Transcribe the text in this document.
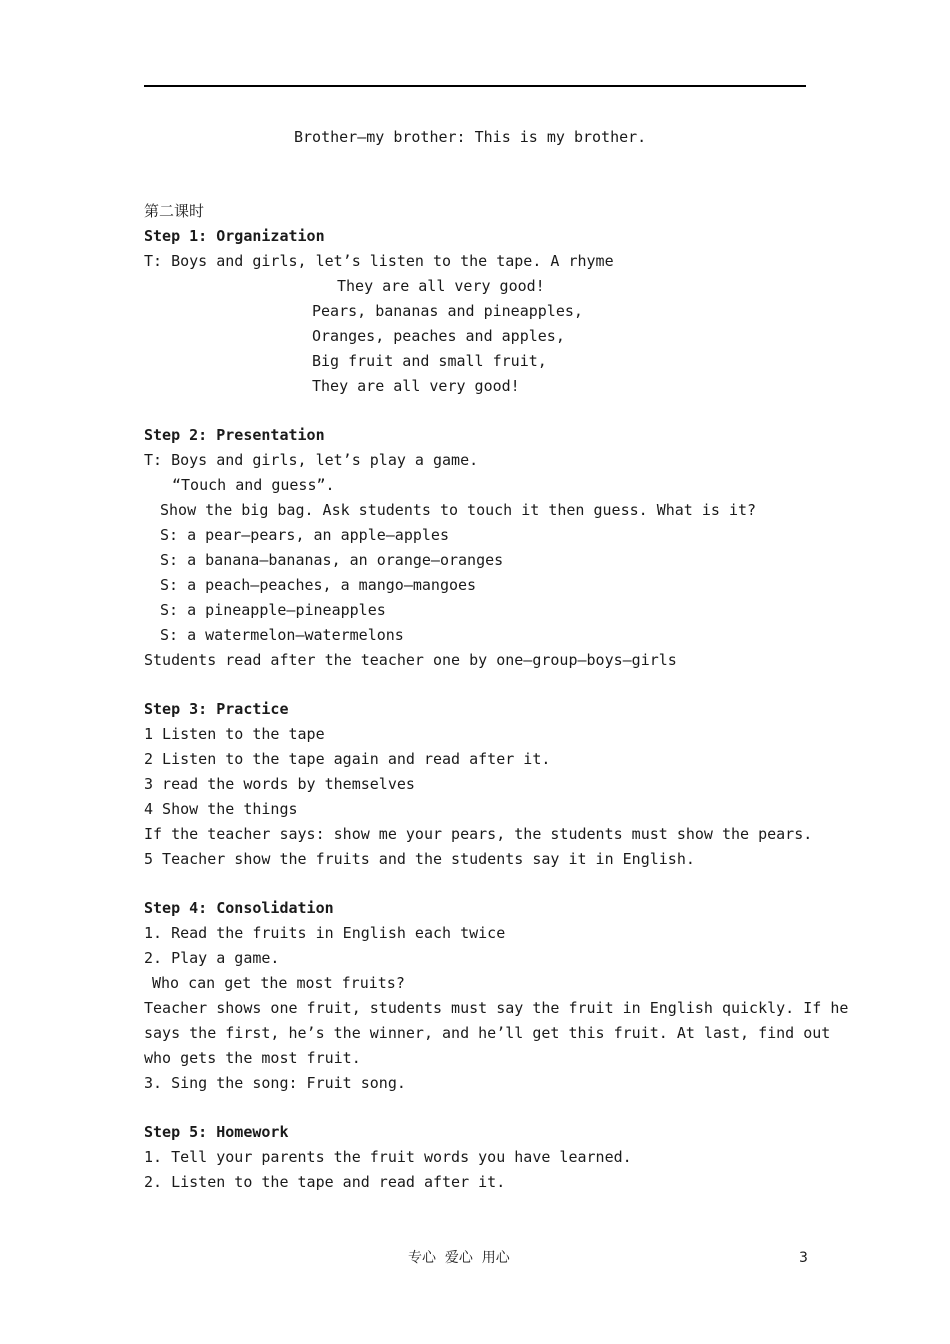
Brother—my brother: This is my brother.
第二课时
Step 1: Organization
T: Boys and girls, let’s listen to the tape. A rhyme
They are all very good!
Pears, bananas and pineapples,
Oranges, peaches and apples,
Big fruit and small fruit,
They are all very good!
Step 2: Presentation
T: Boys and girls, let’s play a game.
“Touch and guess”.
Show the big bag. Ask students to touch it then guess. What is it?
S: a pear—pears, an apple—apples
S: a banana—bananas, an orange—oranges
S: a peach—peaches, a mango—mangoes
S: a pineapple—pineapples
S: a watermelon—watermelons
Students read after the teacher one by one—group—boys—girls
Step 3: Practice
1 Listen to the tape
2 Listen to the tape again and read after it.
3 read the words by themselves
4 Show the things
If the teacher says: show me your pears, the students must show the pears.
5 Teacher show the fruits and the students say it in English.
Step 4: Consolidation
1. Read the fruits in English each twice
2. Play a game.
Who can get the most fruits?
Teacher shows one fruit, students must say the fruit in English quickly. If he
says the first, he’s the winner, and he’ll get this fruit. At last, find out
who gets the most fruit.
3. Sing the song: Fruit song.
Step 5: Homework
1. Tell your parents the fruit words you have learned.
2. Listen to the tape and read after it.
专心  爱心  用心	3
